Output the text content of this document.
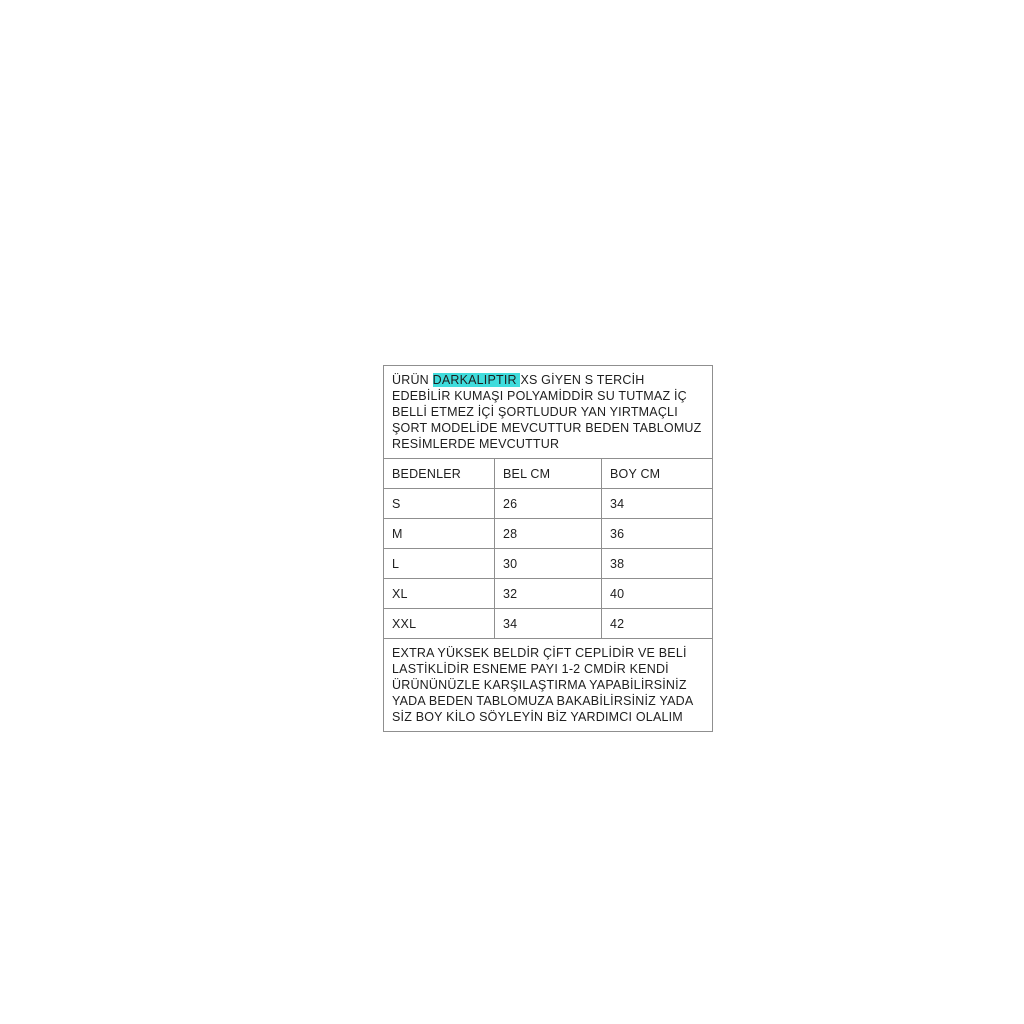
ÜRÜN DARKALIPTIR XS GİYEN S TERCİH EDEBİLİR KUMAŞI POLYAMİDDİR SU TUTMAZ İÇ BELLİ ETMEZ İÇİ ŞORTLUDUR YAN YIRTMAÇLI ŞORT MODELİDE MEVCUTTUR BEDEN TABLOMUZ RESİMLERDE MEVCUTTUR		
BEDENLER	BEL CM	BOY CM
S	26	34
M	28	36
L	30	38
XL	32	40
XXL	34	42
EXTRA YÜKSEK BELDİR ÇİFT CEPLİDİR VE BELİ LASTİKLİDİR ESNEME PAYI 1-2 CMDİR KENDİ ÜRÜNÜNÜZLE KARŞILAŞTIRMA YAPABİLİRSİNİZ YADA BEDEN TABLOMUZA BAKABİLİRSİNİZ YADA SİZ BOY KİLO SÖYLEYİN BİZ YARDIMCI OLALIM		
